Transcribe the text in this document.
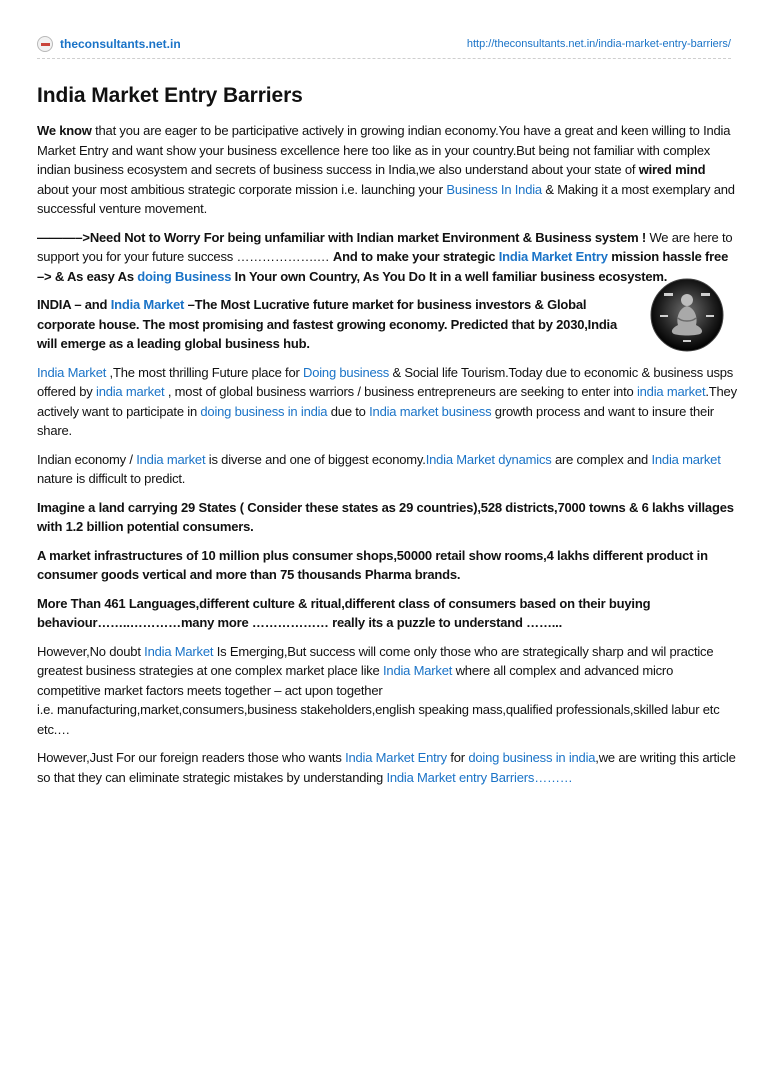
theconsultants.net.in	http://theconsultants.net.in/india-market-entry-barriers/
India Market Entry Barriers

We know that you are eager to be participative actively in growing indian economy.You have a great and keen willing to India Market Entry and want show your business excellence here too like as in your country.But being not familiar with complex indian business ecosystem and secrets of business success in India,we also understand about your state of wired mind about your most ambitious strategic corporate mission i.e. launching your Business In India & Making it a most exemplary and successful venture movement.

———–>Need Not to Worry For being unfamiliar with Indian market Environment & Business system ! We are here to support you for your future success ……………….… And to make your strategic India Market Entry mission hassle free –> & As easy As doing Business In Your own Country, As You Do It in a well familiar business ecosystem.

INDIA – and India Market –The Most Lucrative future market for business investors & Global corporate house. The most promising and fastest growing economy. Predicted that by 2030,India will emerge as a leading global business hub.

India Market ,The most thrilling Future place for Doing business & Social life Tourism.Today due to economic & business usps offered by india market , most of global business warriors / business entrepreneurs are seeking to enter into india market.They actively want to participate in doing business in india due to India market business growth process and want to insure their share.

Indian economy / India market is diverse and one of biggest economy.India Market dynamics are complex and India market nature is difficult to predict.

Imagine a land carrying 29 States ( Consider these states as 29 countries),528 districts,7000 towns & 6 lakhs villages with 1.2 billion potential consumers.

A market infrastructures of 10 million plus consumer shops,50000 retail show rooms,4 lakhs different product in consumer goods vertical and more than 75 thousands Pharma brands.

More Than 461 Languages,different culture & ritual,different class of consumers based on their buying behaviour……..…………many more ……………… really its a puzzle to understand ……...

However,No doubt India Market Is Emerging,But success will come only those who are strategically sharp and wil practice greatest business strategies at one complex market place like India Market where all complex and advanced micro competitive market factors meets together – act upon together
i.e. manufacturing,market,consumers,business stakeholders,english speaking mass,qualified professionals,skilled labur etc etc.…

However,Just For our foreign readers those who wants India Market Entry for doing business in india,we are writing this article so that they can eliminate strategic mistakes by understanding India Market entry Barriers………
